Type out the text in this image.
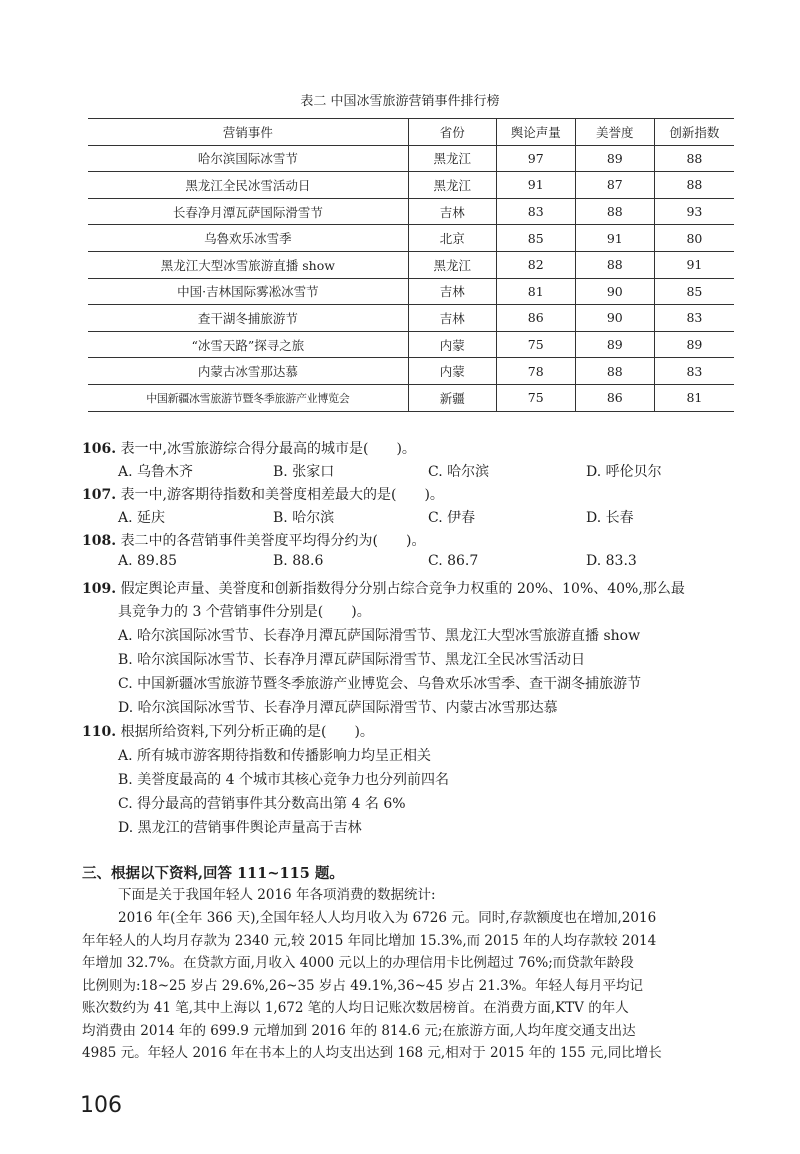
表二 中国冰雪旅游营销事件排行榜
营销事件	省份	舆论声量	美誉度	创新指数
哈尔滨国际冰雪节	黑龙江	97	89	88
黑龙江全民冰雪活动日	黑龙江	91	87	88
长春净月潭瓦萨国际滑雪节	吉林	83	88	93
乌魯欢乐冰雪季	北京	85	91	80
黑龙江大型冰雪旅游直播 show	黑龙江	82	88	91
中国·吉林国际雾凇冰雪节	吉林	81	90	85
查干湖冬捕旅游节	吉林	86	90	83
“冰雪天路”探寻之旅	内蒙	75	89	89
内蒙古冰雪那达慕	内蒙	78	88	83
中国新疆冰雪旅游节暨冬季旅游产业博览会	新疆	75	86	81
106. 表一中,冰雪旅游综合得分最高的城市是(　　)。
A. 乌鲁木齐	B. 张家口	C. 哈尔滨	D. 呼伦贝尔
107. 表一中,游客期待指数和美誉度相差最大的是(　　)。
A. 延庆	B. 哈尔滨	C. 伊春	D. 长春
108. 表二中的各营销事件美誉度平均得分约为(　　)。
A. 89.85	B. 88.6	C. 86.7	D. 83.3
109. 假定舆论声量、美誉度和创新指数得分分别占综合竞争力权重的 20%、10%、40%,那么最
具竞争力的 3 个营销事件分别是(　　)。
A. 哈尔滨国际冰雪节、长春净月潭瓦萨国际滑雪节、黑龙江大型冰雪旅游直播 show
B. 哈尔滨国际冰雪节、长春净月潭瓦萨国际滑雪节、黑龙江全民冰雪活动日
C. 中国新疆冰雪旅游节暨冬季旅游产业博览会、乌鲁欢乐冰雪季、查干湖冬捕旅游节
D. 哈尔滨国际冰雪节、长春净月潭瓦萨国际滑雪节、内蒙古冰雪那达慕
110. 根据所给资料,下列分析正确的是(　　)。
A. 所有城市游客期待指数和传播影响力均呈正相关
B. 美誉度最高的 4 个城市其核心竞争力也分列前四名
C. 得分最高的营销事件其分数高出第 4 名 6%
D. 黑龙江的营销事件舆论声量高于吉林
三、根据以下资料,回答 111~115 题。
下面是关于我国年轻人 2016 年各项消费的数据统计:
2016 年(全年 366 天),全国年轻人人均月收入为 6726 元。同时,存款额度也在增加,2016
年年轻人的人均月存款为 2340 元,较 2015 年同比增加 15.3%,而 2015 年的人均存款较 2014
年增加 32.7%。在贷款方面,月收入 4000 元以上的办理信用卡比例超过 76%;而贷款年龄段
比例则为:18~25 岁占 29.6%,26~35 岁占 49.1%,36~45 岁占 21.3%。年轻人每月平均记
账次数约为 41 笔,其中上海以 1,672 笔的人均日记账次数居榜首。在消费方面,KTV 的年人
均消费由 2014 年的 699.9 元增加到 2016 年的 814.6 元;在旅游方面,人均年度交通支出达
4985 元。年轻人 2016 年在书本上的人均支出达到 168 元,相对于 2015 年的 155 元,同比增长
106
